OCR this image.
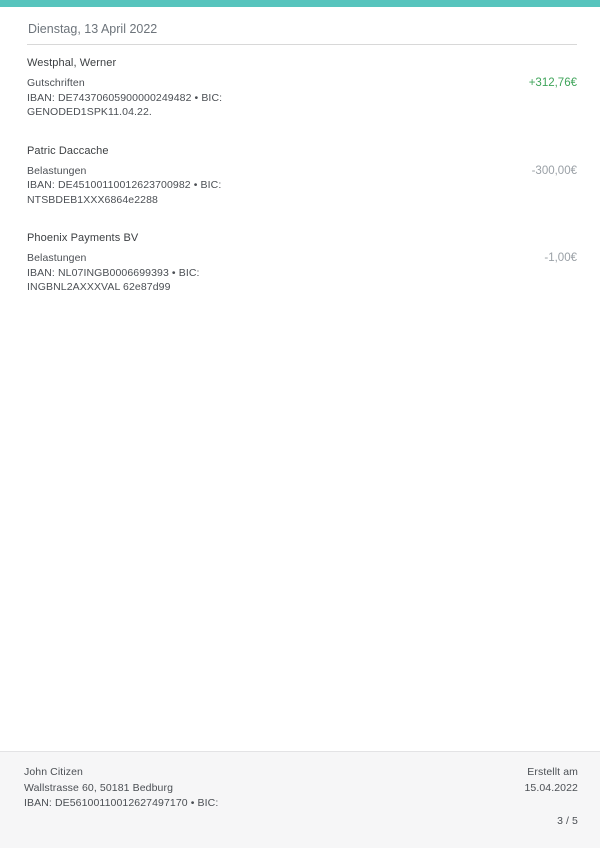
Dienstag, 13 April 2022
Westphal, Werner
Gutschriften
IBAN: DE74370605900000249482 • BIC:
GENODED1SPK11.04.22.
+312,76€
Patric Daccache
Belastungen
IBAN: DE45100110012623700982 • BIC:
NTSBDEB1XXX6864e2288
-300,00€
Phoenix Payments BV
Belastungen
IBAN: NL07INGB0006699393 • BIC:
INGBNL2AXXXVAL 62e87d99
-1,00€
John Citizen
Wallstrasse 60, 50181 Bedburg
IBAN: DE56100110012627497170 • BIC:
Erstellt am
15.04.2022
3 / 5
